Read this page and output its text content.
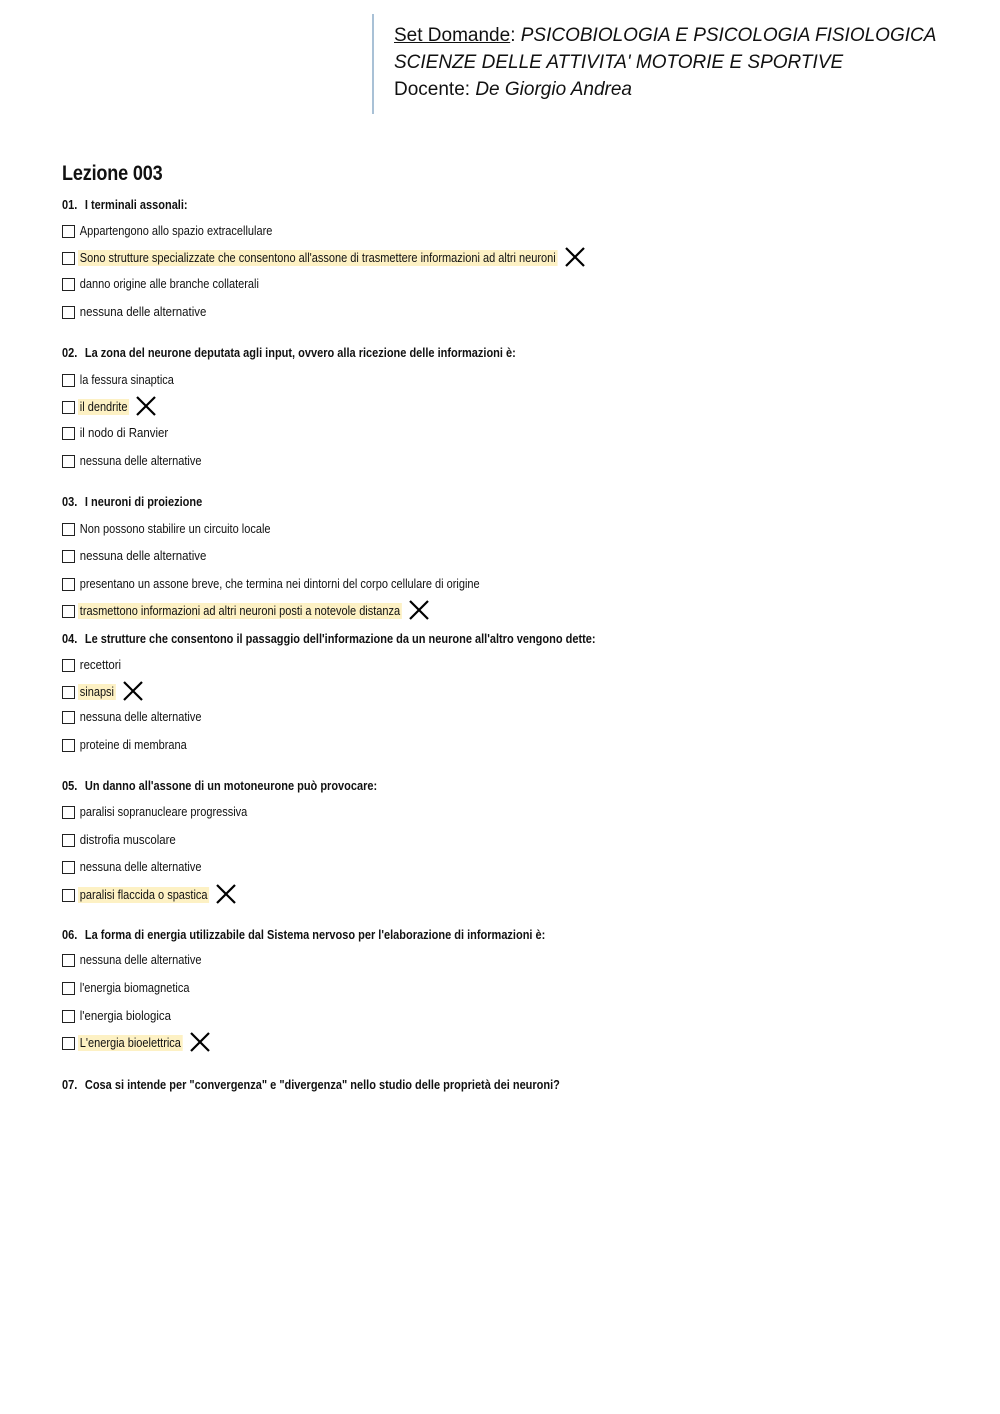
Set Domande: PSICOBIOLOGIA E PSICOLOGIA FISIOLOGICA
SCIENZE DELLE ATTIVITA' MOTORIE E SPORTIVE
Docente: De Giorgio Andrea
Lezione 003
01. I terminali assonali:
Appartengono allo spazio extracellulare
Sono strutture specializzate che consentono all'assone di trasmettere informazioni ad altri neuroni
danno origine alle branche collaterali
nessuna delle alternative
02. La zona del neurone deputata agli input, ovvero alla ricezione delle informazioni è:
la fessura sinaptica
il dendrite
il nodo di Ranvier
nessuna delle alternative
03. I neuroni di proiezione
Non possono stabilire un circuito locale
nessuna delle alternative
presentano un assone breve, che termina nei dintorni del corpo cellulare di origine
trasmettono informazioni ad altri neuroni posti a notevole distanza
04. Le strutture che consentono il passaggio dell'informazione da un neurone all'altro vengono dette:
recettori
sinapsi
nessuna delle alternative
proteine di membrana
05. Un danno all'assone di un motoneurone può provocare:
paralisi sopranucleare progressiva
distrofia muscolare
nessuna delle alternative
paralisi flaccida o spastica
06. La forma di energia utilizzabile dal Sistema nervoso per l'elaborazione di informazioni è:
nessuna delle alternative
l'energia biomagnetica
l'energia biologica
L'energia bioelettrica
07. Cosa si intende per "convergenza" e "divergenza" nello studio delle proprietà dei neuroni?
